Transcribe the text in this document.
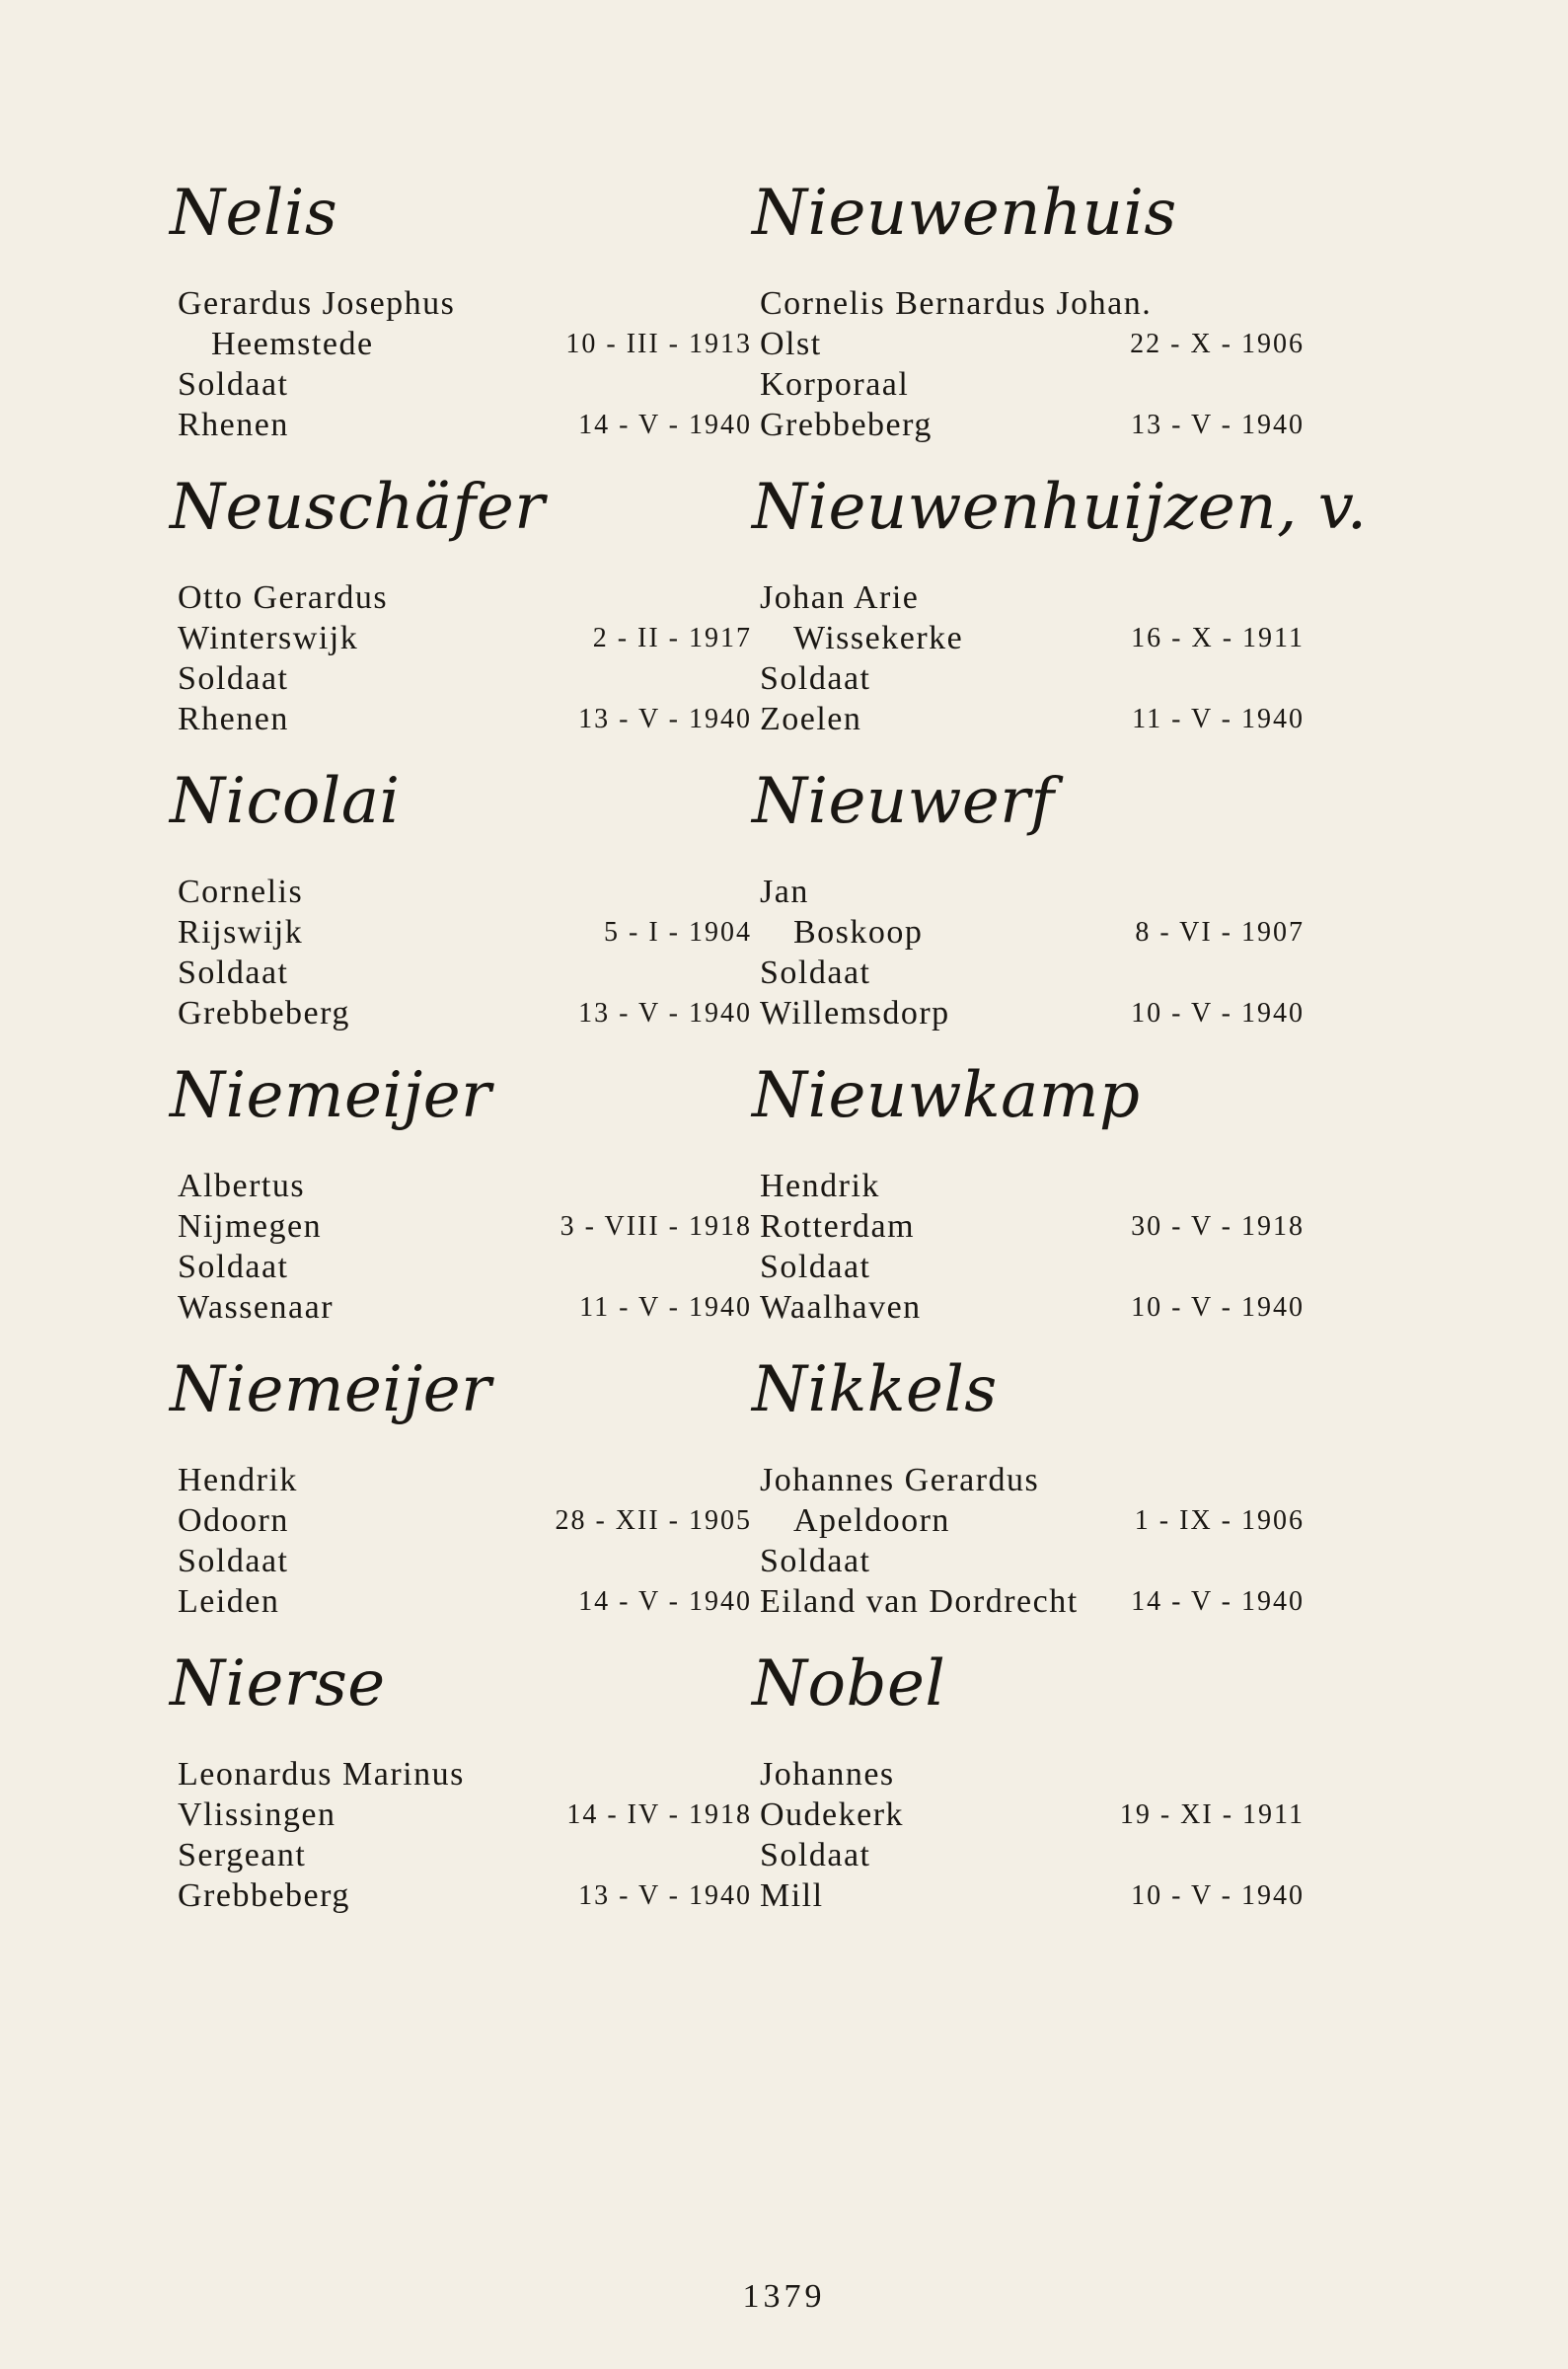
Nelis
Gerardus Josephus
Heemstede	10 - III - 1913
Soldaat
Rhenen	14 - V - 1940
Neuschäfer
Otto Gerardus
Winterswijk	2 - II - 1917
Soldaat
Rhenen	13 - V - 1940
Nicolai
Cornelis
Rijswijk	5 - I - 1904
Soldaat
Grebbeberg	13 - V - 1940
Niemeijer
Albertus
Nijmegen	3 - VIII - 1918
Soldaat
Wassenaar	11 - V - 1940
Niemeijer
Hendrik
Odoorn	28 - XII - 1905
Soldaat
Leiden	14 - V - 1940
Nierse
Leonardus Marinus
Vlissingen	14 - IV - 1918
Sergeant
Grebbeberg	13 - V - 1940
Nieuwenhuis
Cornelis Bernardus Johan.
Olst	22 - X - 1906
Korporaal
Grebbeberg	13 - V - 1940
Nieuwenhuijzen, v.
Johan Arie
Wissekerke	16 - X - 1911
Soldaat
Zoelen	11 - V - 1940
Nieuwerf
Jan
Boskoop	8 - VI - 1907
Soldaat
Willemsdorp	10 - V - 1940
Nieuwkamp
Hendrik
Rotterdam	30 - V - 1918
Soldaat
Waalhaven	10 - V - 1940
Nikkels
Johannes Gerardus
Apeldoorn	1 - IX - 1906
Soldaat
Eiland van Dordrecht 14 - V - 1940
Nobel
Johannes
Oudekerk	19 - XI - 1911
Soldaat
Mill	10 - V - 1940
1379
